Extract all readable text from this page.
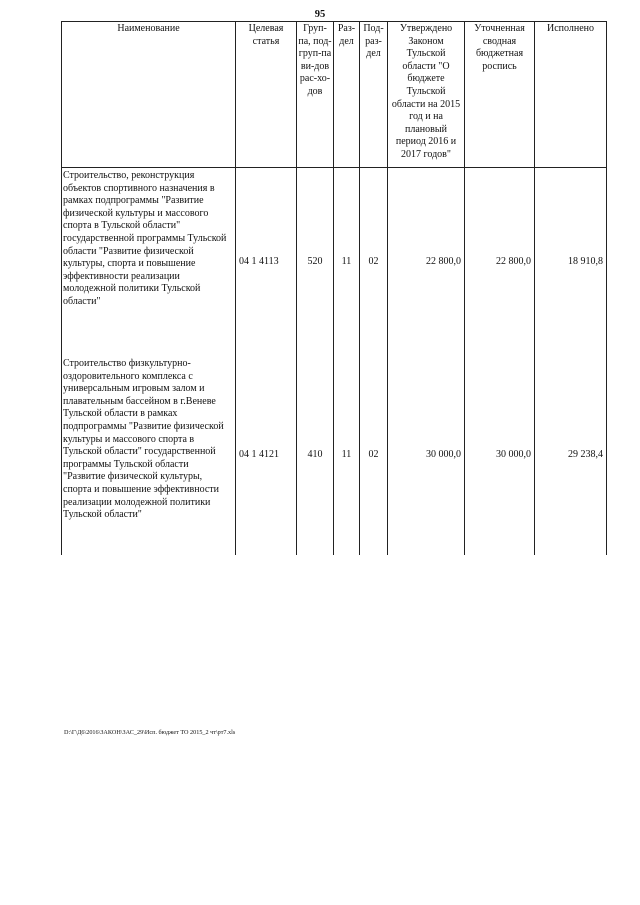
95
Наименование	Целевая статья	Груп-па, под-груп-па ви-дов рас-хо-дов	Раз-дел	Под-раз-дел	Утверждено Законом Тульской области "О бюджете Тульской области на 2015 год и на плановый период 2016 и 2017 годов"	Уточненная сводная бюджетная роспись	Исполнено
Строительство, реконструкция объектов спортивного назначения в рамках подпрограммы "Развитие физической культуры и массового спорта в Тульской области" государственной программы Тульской области "Развитие физической культуры, спорта и повышение эффективности реализации молодежной политики Тульской области"	04 1 4113	520	11	02	22 800,0	22 800,0	18 910,8
Строительство физкультурно-оздоровительного комплекса с универсальным игровым залом и плавательным бассейном в г.Веневе Тульской области в рамках подпрограммы "Развитие физической культуры и массового спорта в Тульской области" государственной программы Тульской области "Развитие физической культуры, спорта и повышение эффективности реализации молодежной политики Тульской области"	04 1 4121	410	11	02	30 000,0	30 000,0	29 238,4
D:\Г\Д6\2016\ЗАКОН\ЗАС_29\Исп. бюджет ТО 2015_2 чт\рт7.xls
